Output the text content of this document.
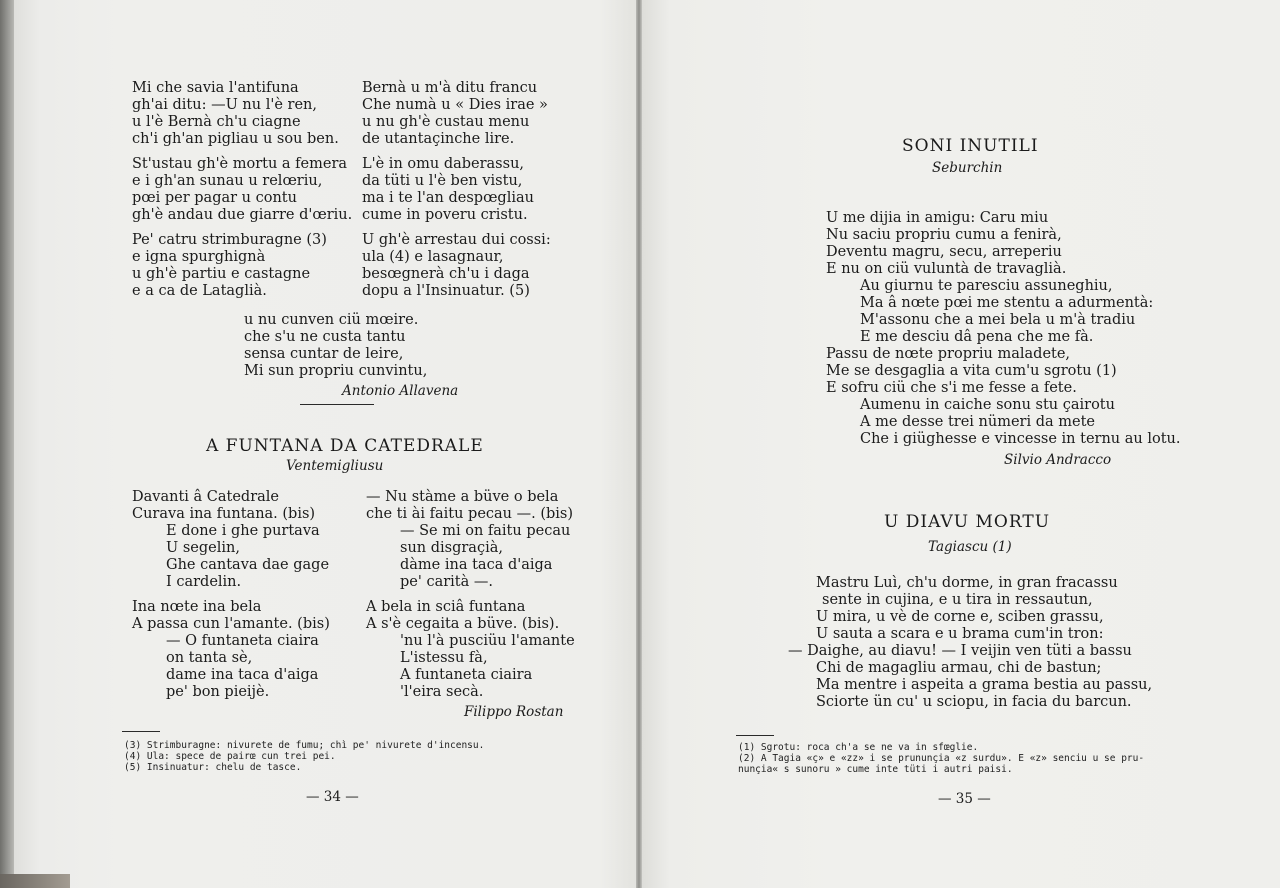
Mi che savia l'antifuna
gh'ai ditu: —U nu l'è ren,
u l'è Bernà ch'u ciagne
ch'i gh'an pigliau u sou ben.
St'ustau gh'è mortu a femera
e i gh'an sunau u relœriu,
pœi per pagar u contu
gh'è andau due giarre d'œriu.
Pe' catru strimburagne (3)
e igna spurghignà
u gh'è partiu e castagne
e a ca de Lataglià.
Bernà u m'à ditu francu
Che numà u « Dies irae »
u nu gh'è custau menu
de utantaçinche lire.
L'è in omu daberassu,
da tüti u l'è ben vistu,
ma i te l'an despœgliau
cume in poveru cristu.
U gh'è arrestau dui cossi:
ula (4) e lasagnaur,
besœgnerà ch'u i daga
dopu a l'Insinuatur. (5)
u nu cunven ciü mœire.
che s'u ne custa tantu
sensa cuntar de leire,
Mi sun propriu cunvintu,
Antonio Allavena
A FUNTANA DA CATEDRALE
Ventemigliusu
Davanti â Catedrale
Curava ina funtana. (bis)
E done i ghe purtava
U segelin,
Ghe cantava dae gage
I cardelin.
Ina nœte ina bela
A passa cun l'amante. (bis)
— O funtaneta ciaira
on tanta sè,
dame ina taca d'aiga
pe' bon pieijè.
— Nu stàme a büve o bela
che ti ài faitu pecau —. (bis)
— Se mi on faitu pecau
sun disgraçià,
dàme ina taca d'aiga
pe' carità —.
A bela in sciâ funtana
A s'è cegaita a büve. (bis).
'nu l'à pusciüu l'amante
L'istessu fà,
A funtaneta ciaira
'l'eira secà.
Filippo Rostan
(3) Strimburagne: nivurete de fumu; chì pe' nivurete d'incensu.
(4) Ula: spece de pairœ cun trei pei.
(5) Insinuatur: chelu de tasce.
— 34 —
SONI INUTILI
Seburchin
U me dijia in amigu: Caru miu
Nu saciu propriu cumu a fenirà,
Deventu magru, secu, arreperiu
E nu on ciü vuluntà de travaglià.
Au giurnu te paresciu assuneghiu,
Ma â nœte pœi me stentu a adurmentà:
M'assonu che a mei bela u m'à tradiu
E me desciu dâ pena che me fà.
Passu de nœte propriu maladete,
Me se desgaglia a vita cum'u sgrotu (1)
E sofru ciü che s'i me fesse a fete.
Aumenu in caiche sonu stu çairotu
A me desse trei nümeri da mete
Che i giüghesse e vincesse in ternu au lotu.
Silvio Andracco
U DIAVU MORTU
Tagiascu (1)
Mastru Luì, ch'u dorme, in gran fracassu
sente in cujina, e u tira in ressautun,
U mira, u vè de corne e, sciben grassu,
U sauta a scara e u brama cum'in tron:
— Daighe, au diavu! — I veijin ven tüti a bassu
Chi de magagliu armau, chi de bastun;
Ma mentre i aspeita a grama bestia au passu,
Sciorte ün cu' u sciopu, in facia du barcun.
(1) Sgrotu: roca ch'a se ne va in sfœglie.
(2) A Tagia «ç» e «zz» i se prununçia «z surdu». E «z» senciu u se pru-
nunçia« s sunoru » cume inte tüti i autri paisi.
— 35 —
